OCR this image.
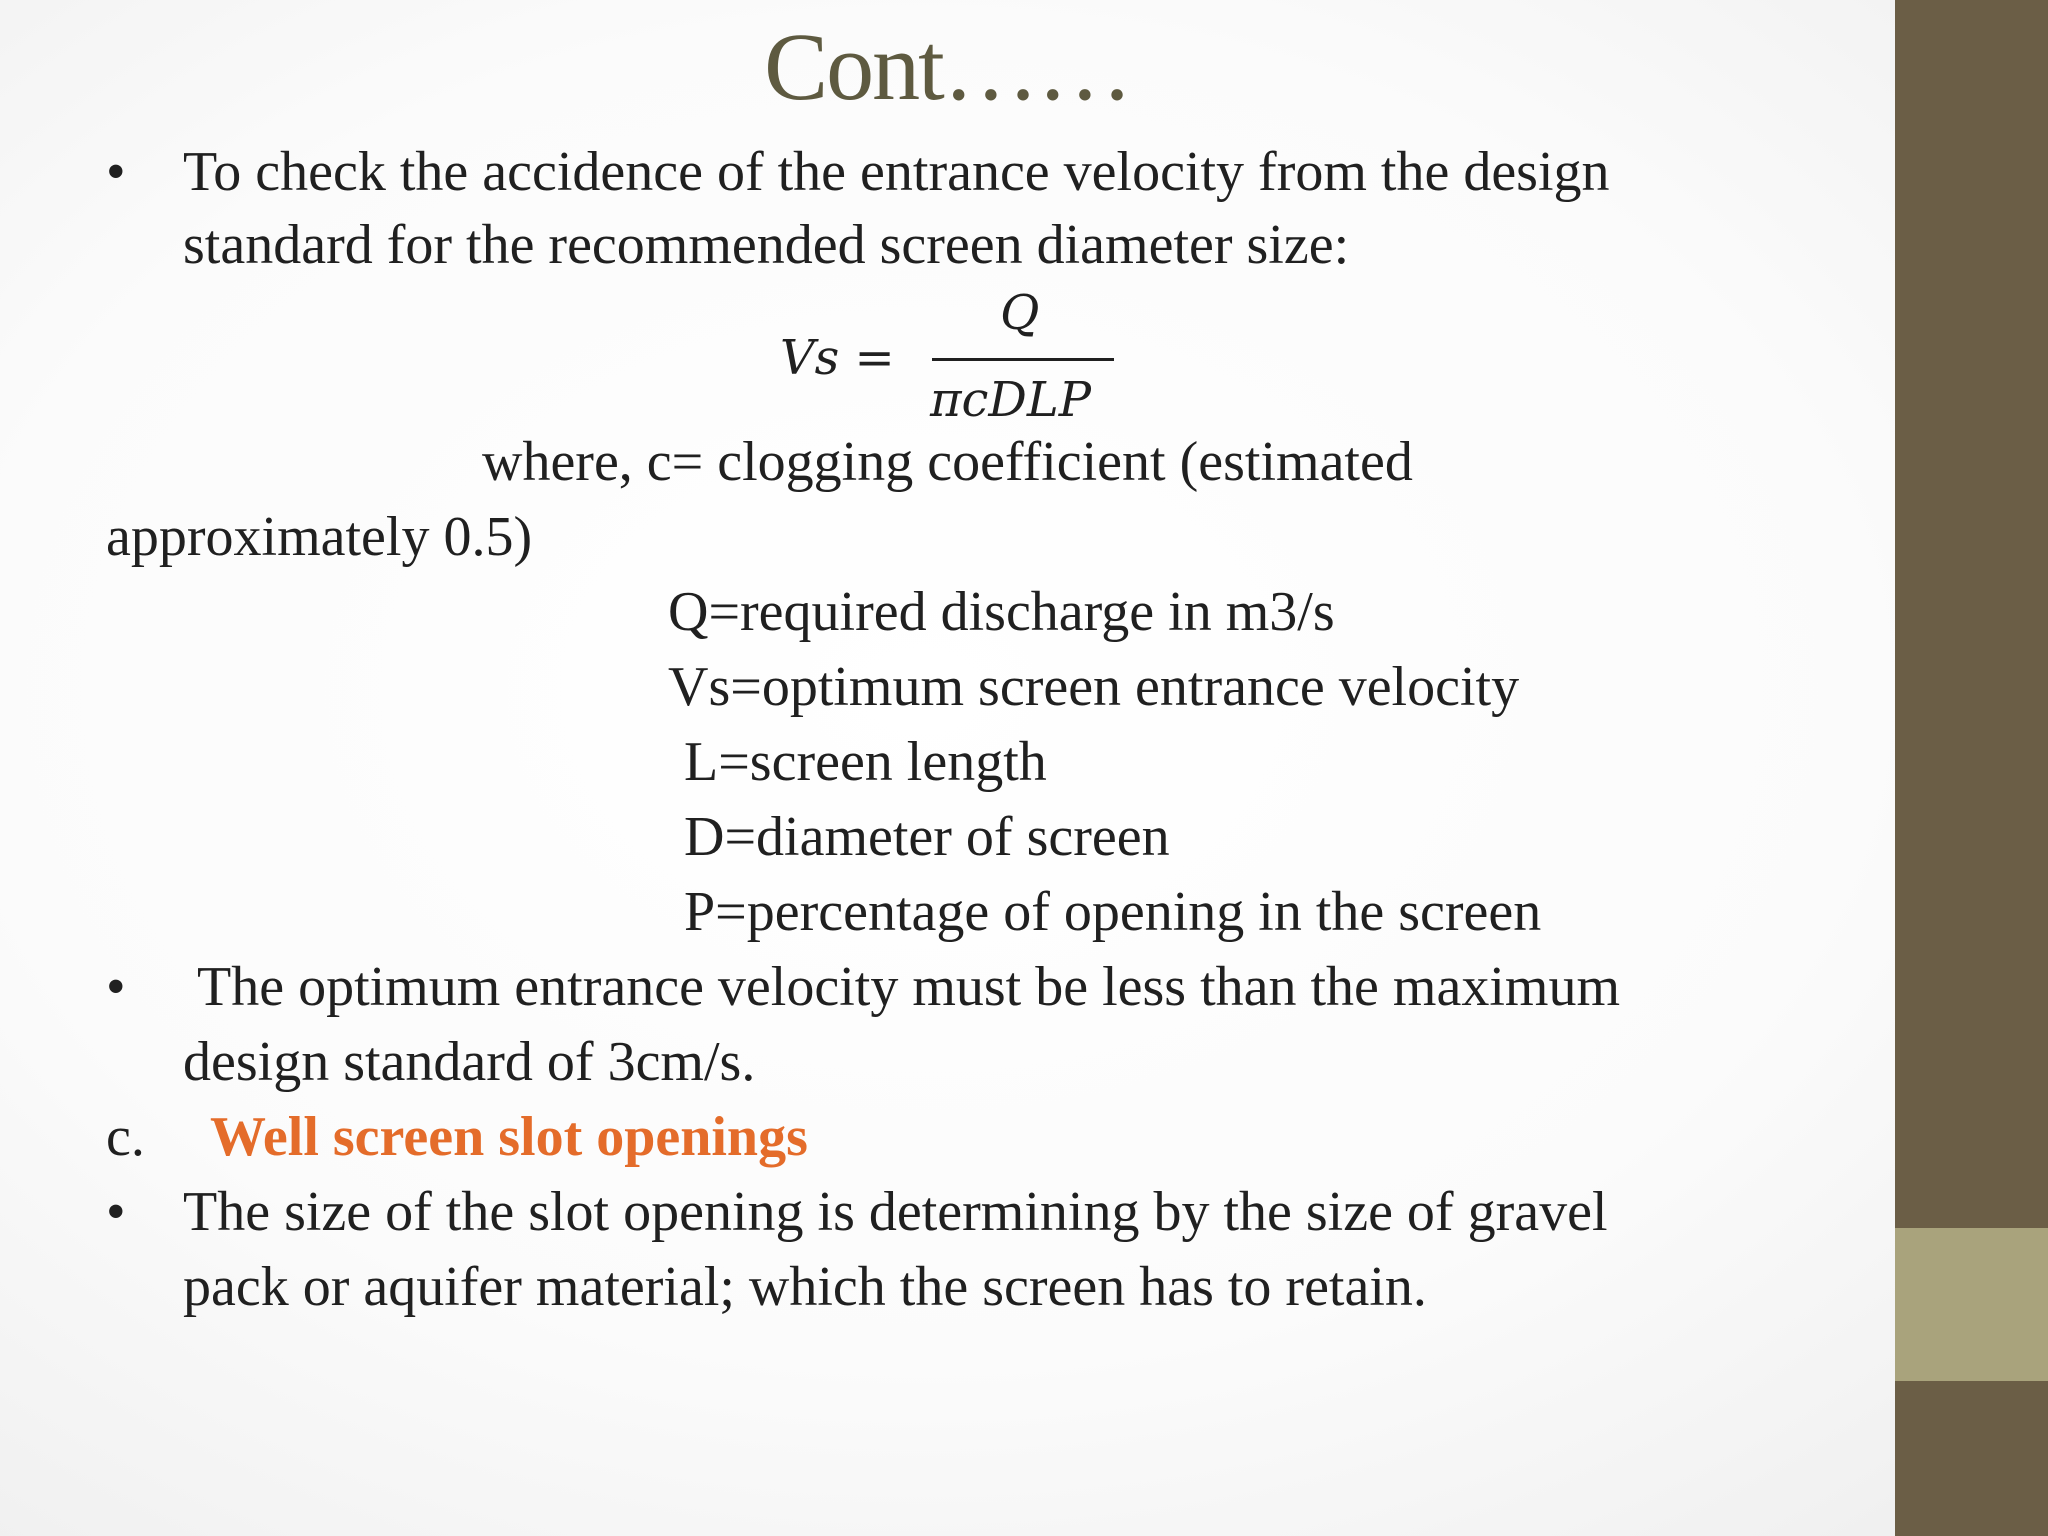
Cont……
• To check the accidence of the entrance velocity from the design
standard for the recommended screen diameter size:
Vs =
Q
πcDLP
where, c= clogging coefficient (estimated
approximately 0.5)
Q=required discharge in m3/s
Vs=optimum screen entrance velocity
L=screen length
D=diameter of screen
P=percentage of opening in the screen
• The optimum entrance velocity must be less than the maximum
design standard of 3cm/s.
c. Well screen slot openings
• The size of the slot opening is determining by the size of gravel
pack or aquifer material; which the screen has to retain.
